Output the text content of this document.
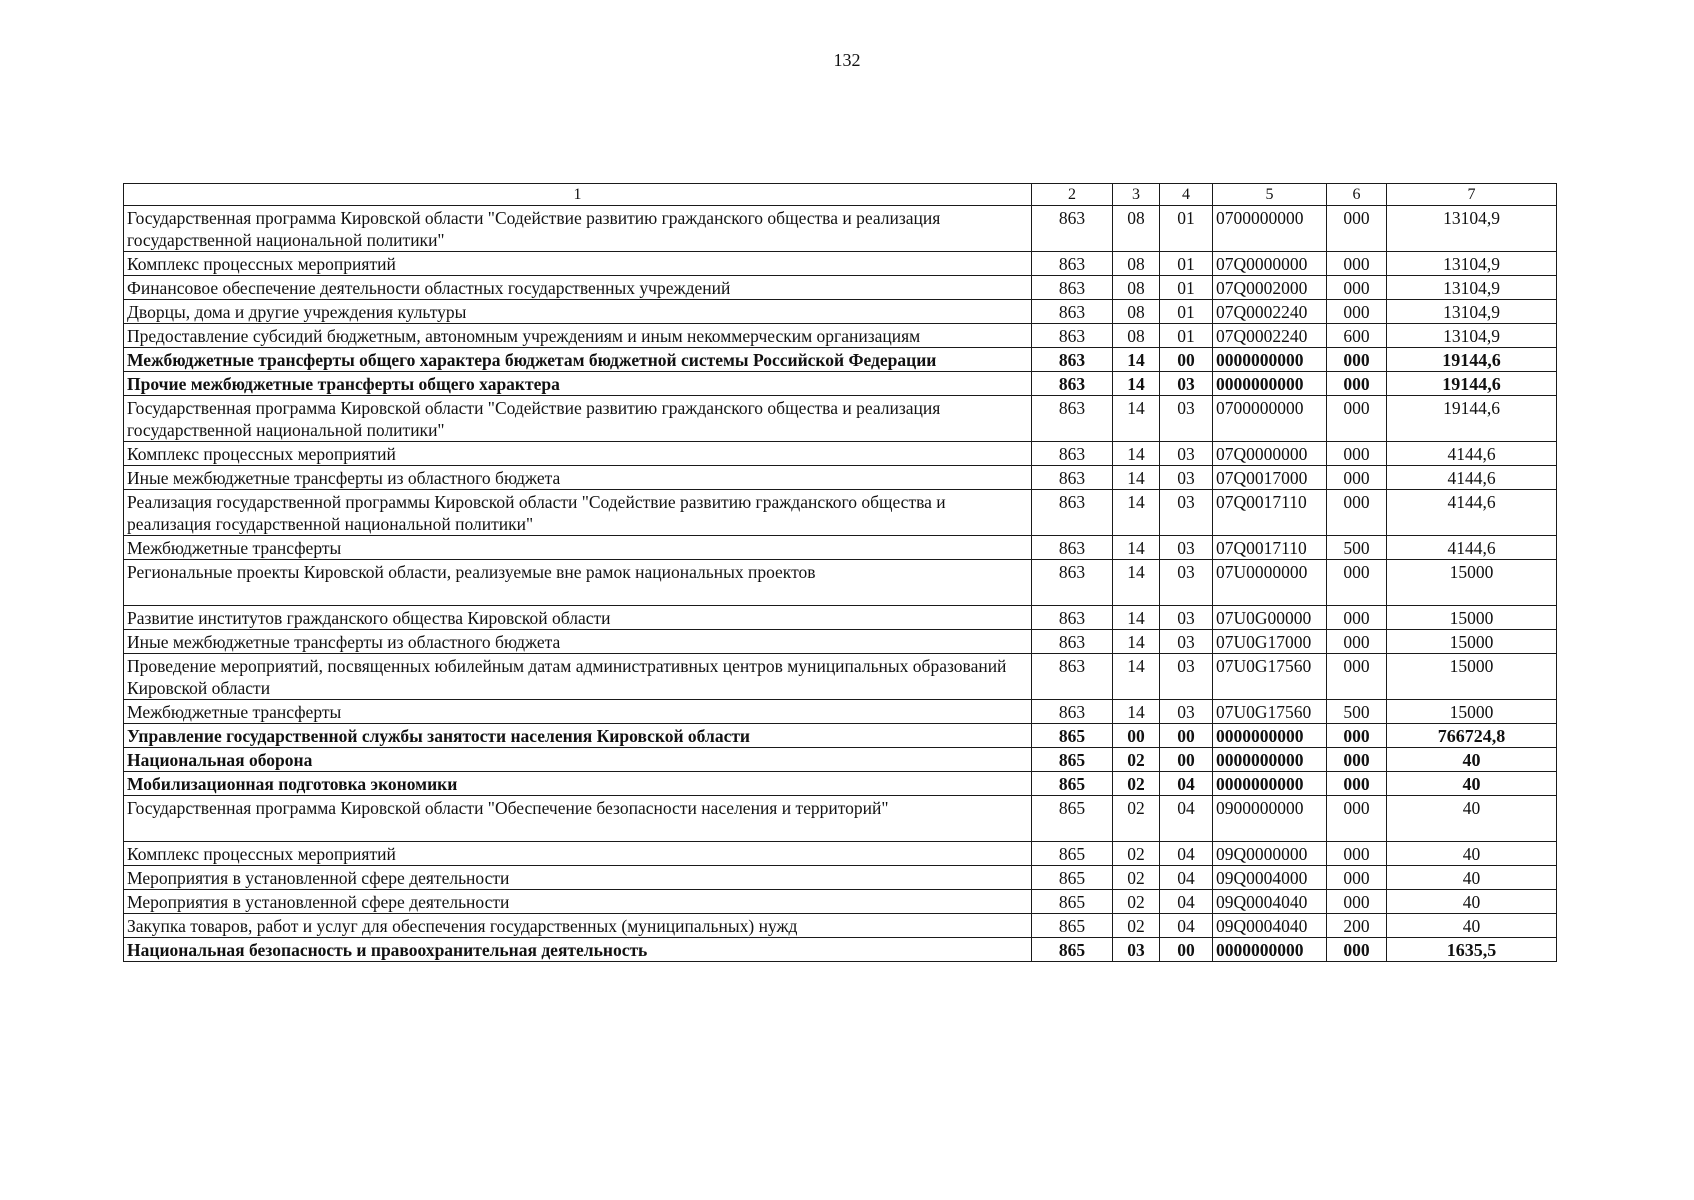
132
1	2	3	4	5	6	7
Государственная программа Кировской области "Содействие развитию гражданского общества и реализация государственной национальной политики"	863	08	01	0700000000	000	13104,9
Комплекс процессных мероприятий	863	08	01	07Q0000000	000	13104,9
Финансовое обеспечение деятельности областных государственных учреждений	863	08	01	07Q0002000	000	13104,9
Дворцы, дома и другие учреждения культуры	863	08	01	07Q0002240	000	13104,9
Предоставление субсидий бюджетным, автономным учреждениям и иным некоммерческим организациям	863	08	01	07Q0002240	600	13104,9
Межбюджетные трансферты общего характера бюджетам бюджетной системы Российской Федерации	863	14	00	0000000000	000	19144,6
Прочие межбюджетные трансферты общего характера	863	14	03	0000000000	000	19144,6
Государственная программа Кировской области "Содействие развитию гражданского общества и реализация государственной национальной политики"	863	14	03	0700000000	000	19144,6
Комплекс процессных мероприятий	863	14	03	07Q0000000	000	4144,6
Иные межбюджетные трансферты из областного бюджета	863	14	03	07Q0017000	000	4144,6
Реализация государственной программы Кировской области "Содействие развитию гражданского общества и реализация государственной национальной политики"	863	14	03	07Q0017110	000	4144,6
Межбюджетные трансферты	863	14	03	07Q0017110	500	4144,6
Региональные проекты Кировской области, реализуемые вне рамок национальных проектов	863	14	03	07U0000000	000	15000
Развитие институтов гражданского общества Кировской области	863	14	03	07U0G00000	000	15000
Иные межбюджетные трансферты из областного бюджета	863	14	03	07U0G17000	000	15000
Проведение мероприятий, посвященных юбилейным датам административных центров муниципальных образований Кировской области	863	14	03	07U0G17560	000	15000
Межбюджетные трансферты	863	14	03	07U0G17560	500	15000
Управление государственной службы занятости населения Кировской области	865	00	00	0000000000	000	766724,8
Национальная оборона	865	02	00	0000000000	000	40
Мобилизационная подготовка экономики	865	02	04	0000000000	000	40
Государственная программа Кировской области "Обеспечение безопасности населения и территорий"	865	02	04	0900000000	000	40
Комплекс процессных мероприятий	865	02	04	09Q0000000	000	40
Мероприятия в установленной сфере деятельности	865	02	04	09Q0004000	000	40
Мероприятия в установленной сфере деятельности	865	02	04	09Q0004040	000	40
Закупка товаров, работ и услуг для обеспечения государственных (муниципальных) нужд	865	02	04	09Q0004040	200	40
Национальная безопасность и правоохранительная деятельность	865	03	00	0000000000	000	1635,5
